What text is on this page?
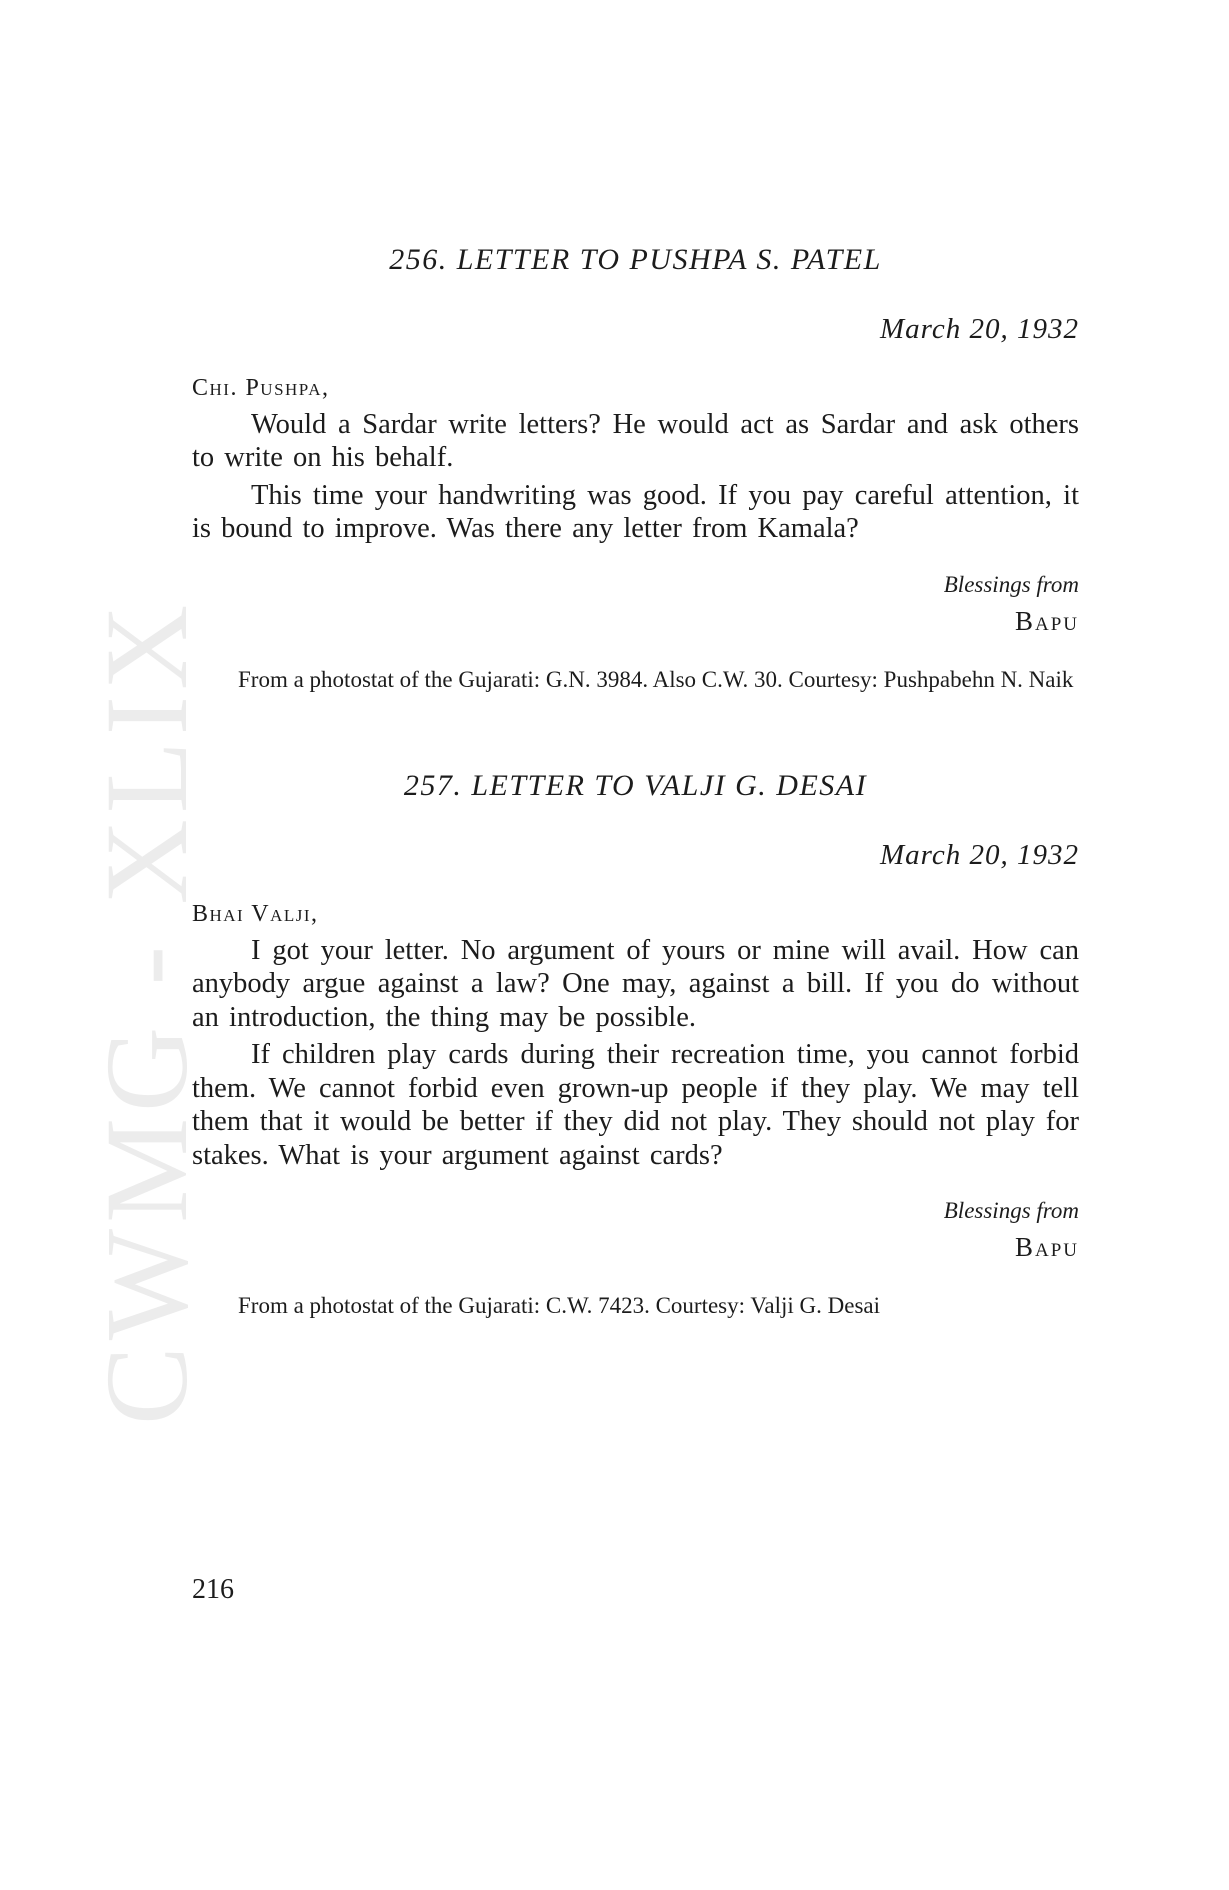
CWMG - XLIX
256. LETTER TO PUSHPA S. PATEL
March 20, 1932
Chi. Pushpa,

Would a Sardar write letters? He would act as Sardar and ask others to write on his behalf.

This time your handwriting was good. If you pay careful attention, it is bound to improve. Was there any letter from Kamala?

Blessings from
Bapu
From a photostat of the Gujarati: G.N. 3984. Also C.W. 30. Courtesy: Pushpabehn N. Naik
257. LETTER TO VALJI G. DESAI
March 20, 1932
Bhai Valji,

I got your letter. No argument of yours or mine will avail. How can anybody argue against a law? One may, against a bill. If you do without an introduction, the thing may be possible.

If children play cards during their recreation time, you cannot forbid them. We cannot forbid even grown-up people if they play. We may tell them that it would be better if they did not play. They should not play for stakes. What is your argument against cards?

Blessings from
Bapu
From a photostat of the Gujarati: C.W. 7423. Courtesy: Valji G. Desai
216
